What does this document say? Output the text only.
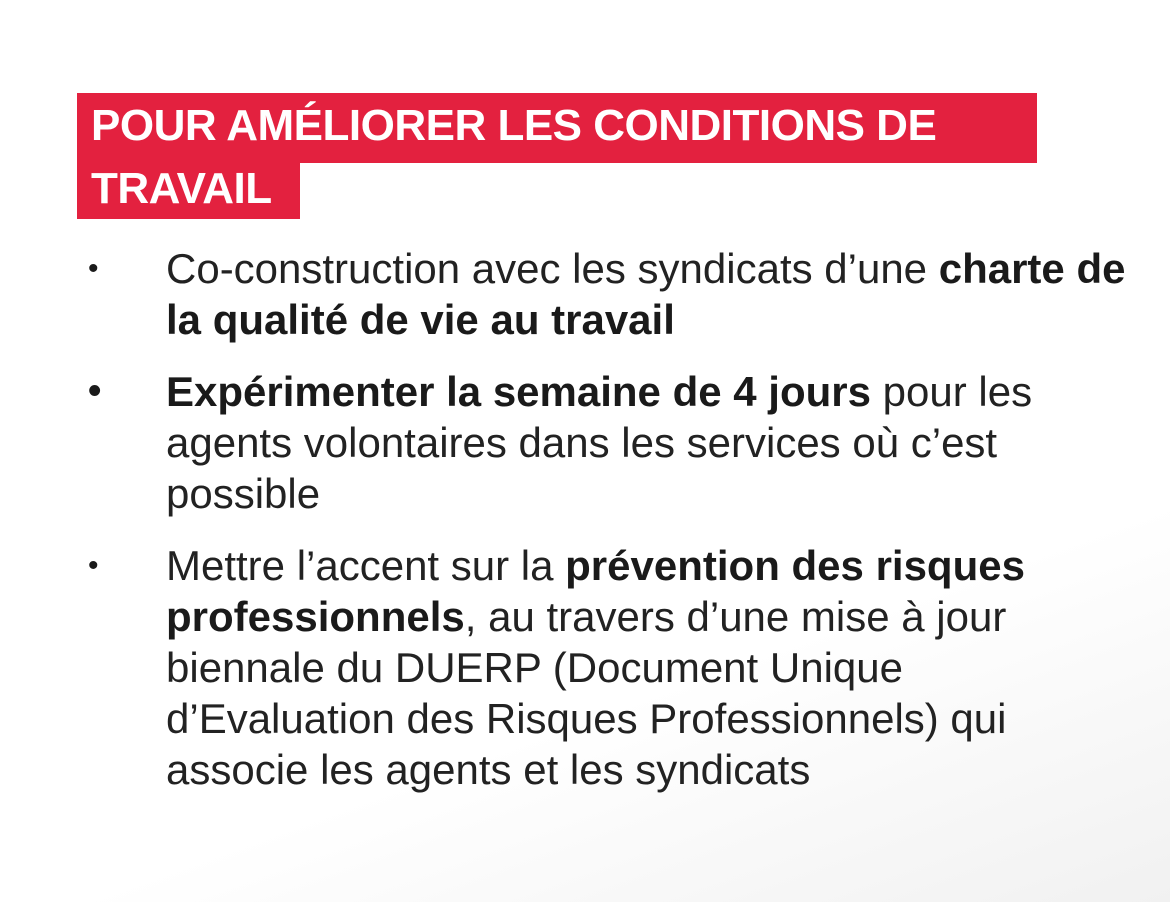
POUR AMÉLIORER LES CONDITIONS DE
TRAVAIL
• Co-construction avec les syndicats d’une charte de la qualité de vie au travail
• Expérimenter la semaine de 4 jours pour les agents volontaires dans les services où c’est possible
• Mettre l’accent sur la prévention des risques professionnels, au travers d’une mise à jour biennale du DUERP (Document Unique d’Evaluation des Risques Professionnels) qui associe les agents et les syndicats
